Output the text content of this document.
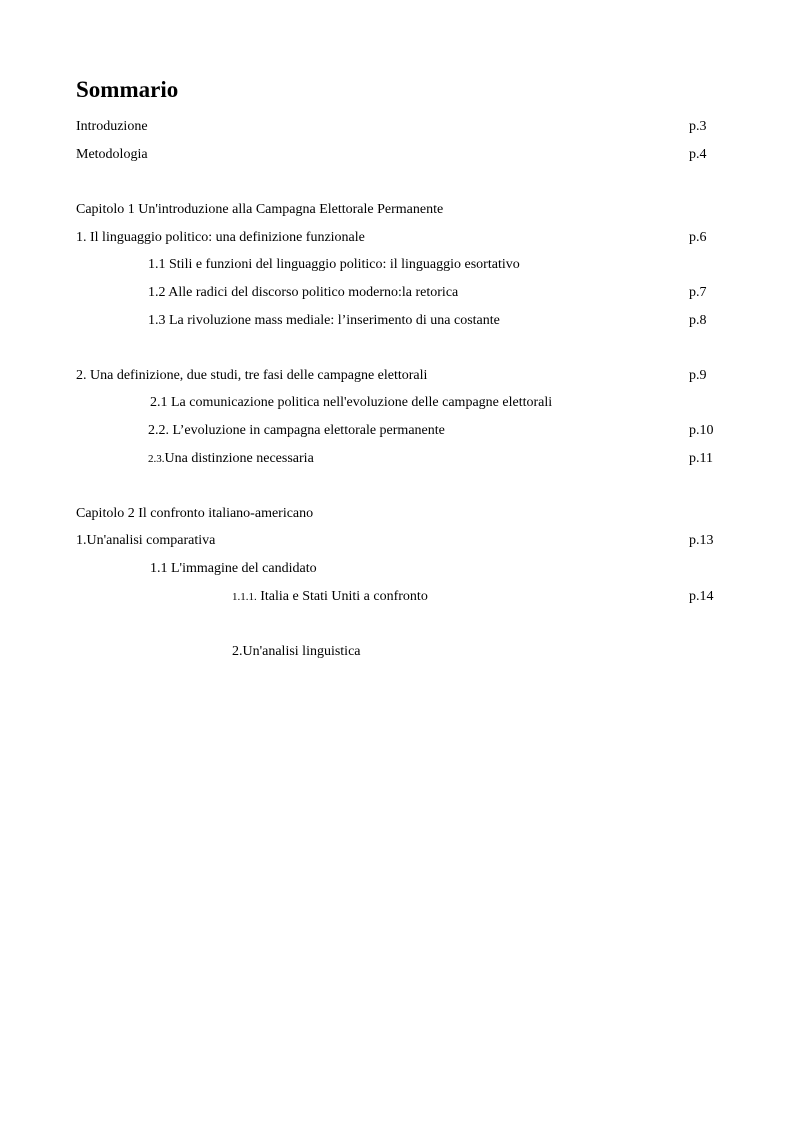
Sommario
Introduzione	p.3
Metodologia	p.4
Capitolo 1 Un'introduzione alla Campagna Elettorale Permanente
1. Il linguaggio politico: una definizione funzionale	p.6
1.1 Stili e funzioni del linguaggio politico: il linguaggio esortativo
1.2 Alle radici del discorso politico moderno:la retorica	p.7
1.3 La rivoluzione mass mediale: l’inserimento di una costante	p.8
2. Una definizione, due studi, tre fasi delle campagne elettorali	p.9
2.1 La comunicazione politica nell'evoluzione delle campagne elettorali
2.2. L’evoluzione in campagna elettorale permanente	p.10
2.3.Una distinzione necessaria	p.11
Capitolo 2 Il confronto italiano-americano
1.Un'analisi comparativa	p.13
1.1 L'immagine del candidato
1.1.1. Italia e Stati Uniti a confronto	p.14
2.Un'analisi linguistica
